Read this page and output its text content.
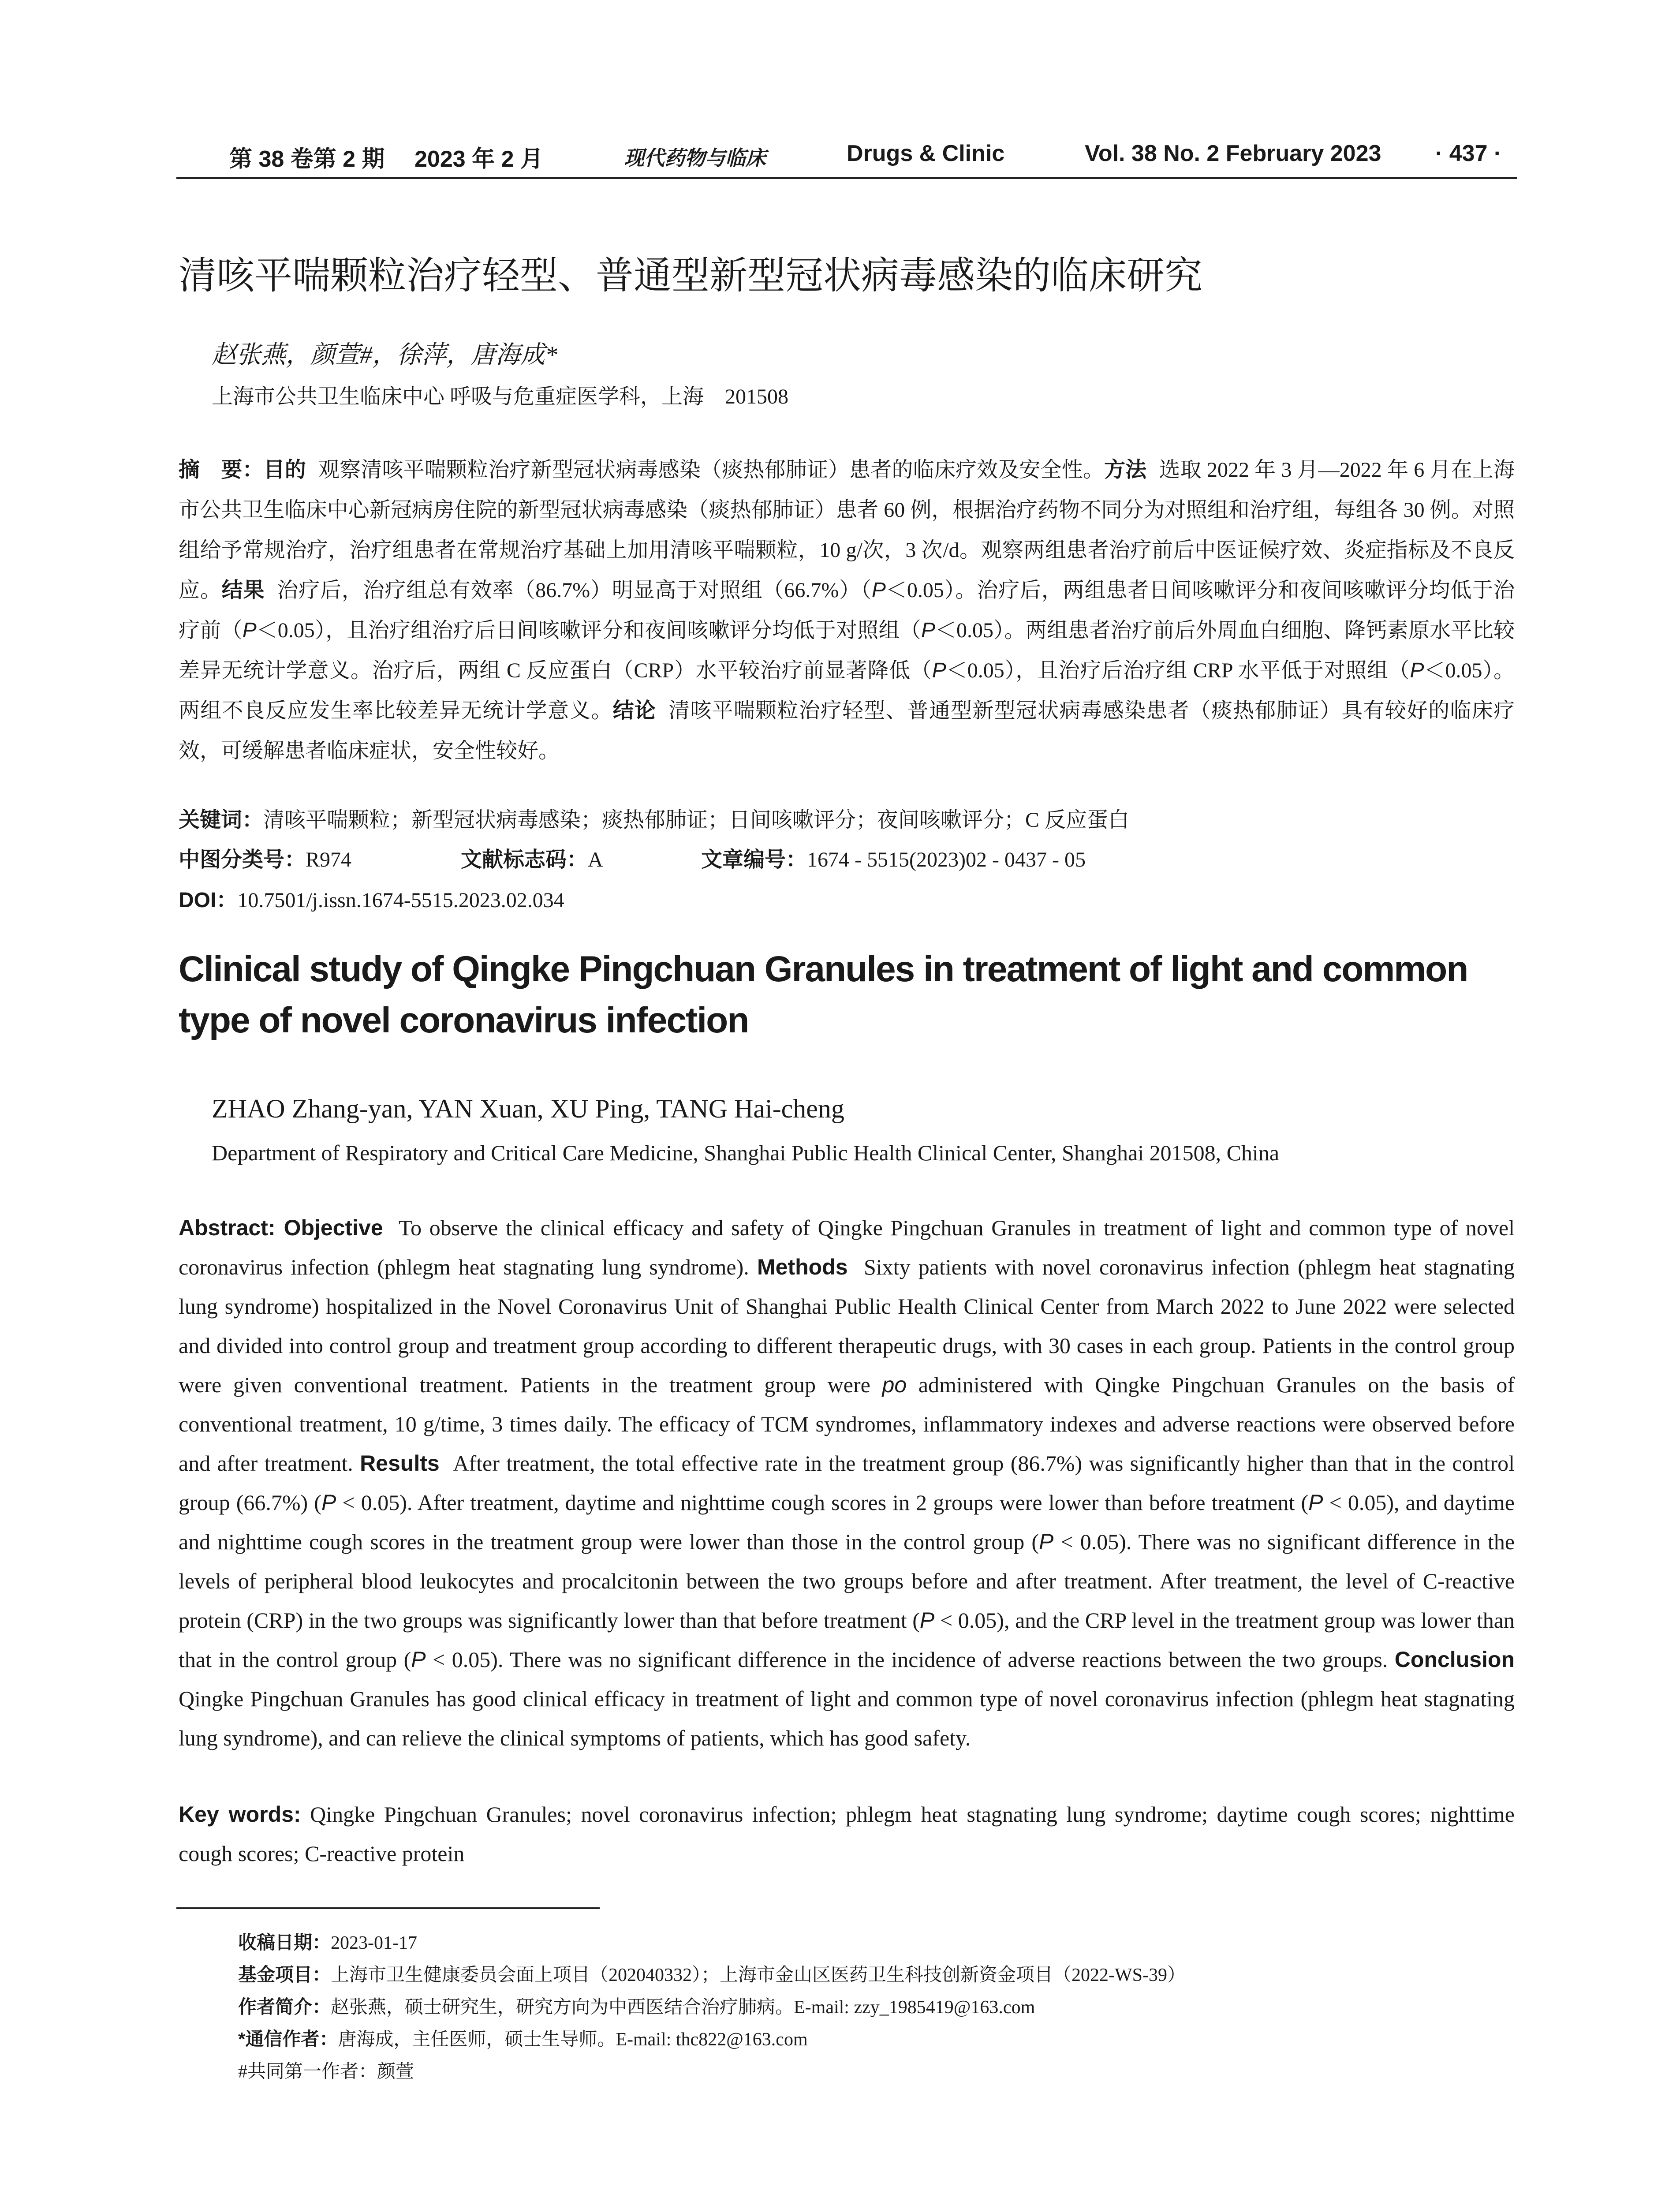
第 38 卷第 2 期 2023 年 2 月	现代药物与临床	Drugs & Clinic	Vol. 38 No. 2 February 2023 · 437 ·
清咳平喘颗粒治疗轻型、普通型新型冠状病毒感染的临床研究
赵张燕，颜萱#，徐萍，唐海成*
上海市公共卫生临床中心 呼吸与危重症医学科，上海　201508
摘　要：目的 观察清咳平喘颗粒治疗新型冠状病毒感染（痰热郁肺证）患者的临床疗效及安全性。方法 选取 2022 年 3 月—2022 年 6 月在上海市公共卫生临床中心新冠病房住院的新型冠状病毒感染（痰热郁肺证）患者 60 例，根据治疗药物不同分为对照组和治疗组，每组各 30 例。对照组给予常规治疗，治疗组患者在常规治疗基础上加用清咳平喘颗粒，10 g/次，3 次/d。观察两组患者治疗前后中医证候疗效、炎症指标及不良反应。结果 治疗后，治疗组总有效率（86.7%）明显高于对照组（66.7%）（P＜0.05）。治疗后，两组患者日间咳嗽评分和夜间咳嗽评分均低于治疗前（P＜0.05），且治疗组治疗后日间咳嗽评分和夜间咳嗽评分均低于对照组（P＜0.05）。两组患者治疗前后外周血白细胞、降钙素原水平比较差异无统计学意义。治疗后，两组 C 反应蛋白（CRP）水平较治疗前显著降低（P＜0.05），且治疗后治疗组 CRP 水平低于对照组（P＜0.05）。两组不良反应发生率比较差异无统计学意义。结论 清咳平喘颗粒治疗轻型、普通型新型冠状病毒感染患者（痰热郁肺证）具有较好的临床疗效，可缓解患者临床症状，安全性较好。
关键词：清咳平喘颗粒；新型冠状病毒感染；痰热郁肺证；日间咳嗽评分；夜间咳嗽评分；C 反应蛋白
中图分类号：R974	文献标志码：A	文章编号：1674 - 5515(2023)02 - 0437 - 05
DOI：10.7501/j.issn.1674-5515.2023.02.034
Clinical study of Qingke Pingchuan Granules in treatment of light and common type of novel coronavirus infection
ZHAO Zhang-yan, YAN Xuan, XU Ping, TANG Hai-cheng
Department of Respiratory and Critical Care Medicine, Shanghai Public Health Clinical Center, Shanghai 201508, China
Abstract: Objective To observe the clinical efficacy and safety of Qingke Pingchuan Granules in treatment of light and common type of novel coronavirus infection (phlegm heat stagnating lung syndrome). Methods Sixty patients with novel coronavirus infection (phlegm heat stagnating lung syndrome) hospitalized in the Novel Coronavirus Unit of Shanghai Public Health Clinical Center from March 2022 to June 2022 were selected and divided into control group and treatment group according to different therapeutic drugs, with 30 cases in each group. Patients in the control group were given conventional treatment. Patients in the treatment group were po administered with Qingke Pingchuan Granules on the basis of conventional treatment, 10 g/time, 3 times daily. The efficacy of TCM syndromes, inflammatory indexes and adverse reactions were observed before and after treatment. Results After treatment, the total effective rate in the treatment group (86.7%) was significantly higher than that in the control group (66.7%) (P < 0.05). After treatment, daytime and nighttime cough scores in 2 groups were lower than before treatment (P < 0.05), and daytime and nighttime cough scores in the treatment group were lower than those in the control group (P < 0.05). There was no significant difference in the levels of peripheral blood leukocytes and procalcitonin between the two groups before and after treatment. After treatment, the level of C-reactive protein (CRP) in the two groups was significantly lower than that before treatment (P < 0.05), and the CRP level in the treatment group was lower than that in the control group (P < 0.05). There was no significant difference in the incidence of adverse reactions between the two groups. Conclusion Qingke Pingchuan Granules has good clinical efficacy in treatment of light and common type of novel coronavirus infection (phlegm heat stagnating lung syndrome), and can relieve the clinical symptoms of patients, which has good safety.
Key words: Qingke Pingchuan Granules; novel coronavirus infection; phlegm heat stagnating lung syndrome; daytime cough scores; nighttime cough scores; C-reactive protein
收稿日期：2023-01-17
基金项目：上海市卫生健康委员会面上项目（202040332）；上海市金山区医药卫生科技创新资金项目（2022-WS-39）
作者简介：赵张燕，硕士研究生，研究方向为中西医结合治疗肺病。E-mail: zzy_1985419@163.com
*通信作者：唐海成，主任医师，硕士生导师。E-mail: thc822@163.com
#共同第一作者：颜萱
